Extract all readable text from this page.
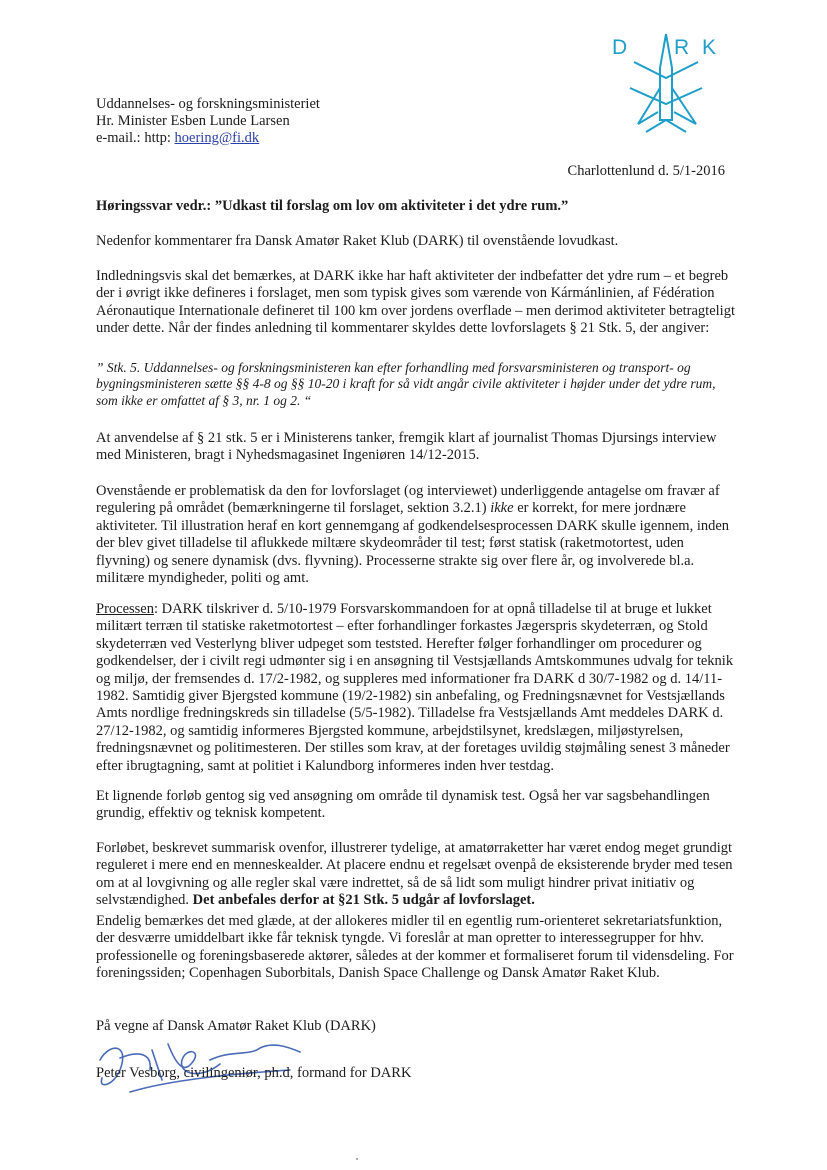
D R K
Uddannelses- og forskningsministeriet
Hr. Minister Esben Lunde Larsen
e-mail.: http: hoering@fi.dk
Charlottenlund d. 5/1-2016

Høringssvar vedr.: ”Udkast til forslag om lov om aktiviteter i det ydre rum.”

Nedenfor kommentarer fra Dansk Amatør Raket Klub (DARK) til ovenstående lovudkast.

Indledningsvis skal det bemærkes, at DARK ikke har haft aktiviteter der indbefatter det ydre rum – et begreb der i øvrigt ikke defineres i forslaget, men som typisk gives som værende von Kármánlinien, af Fédération Aéronautique Internationale defineret til 100 km over jordens overflade – men derimod aktiviteter betragteligt under dette. Når der findes anledning til kommentarer skyldes dette lovforslagets § 21 Stk. 5, der angiver:

” Stk. 5. Uddannelses- og forskningsministeren kan efter forhandling med forsvarsministeren og transport- og bygningsministeren sætte §§ 4-8 og §§ 10-20 i kraft for så vidt angår civile aktiviteter i højder under det ydre rum, som ikke er omfattet af § 3, nr. 1 og 2. “

At anvendelse af § 21 stk. 5 er i Ministerens tanker, fremgik klart af journalist Thomas Djursings interview med Ministeren, bragt i Nyhedsmagasinet Ingeniøren 14/12-2015.

Ovenstående er problematisk da den for lovforslaget (og interviewet) underliggende antagelse om fravær af regulering på området (bemærkningerne til forslaget, sektion 3.2.1) ikke er korrekt, for mere jordnære aktiviteter. Til illustration heraf en kort gennemgang af godkendelsesprocessen DARK skulle igennem, inden der blev givet tilladelse til aflukkede miltære skydeområder til test; først statisk (raketmotortest, uden flyvning) og senere dynamisk (dvs. flyvning). Processerne strakte sig over flere år, og involverede bl.a. militære myndigheder, politi og amt.

Processen: DARK tilskriver d. 5/10-1979 Forsvarskommandoen for at opnå tilladelse til at bruge et lukket militært terræn til statiske raketmotortest – efter forhandlinger forkastes Jægerspris skydeterræn, og Stold skydeterræn ved Vesterlyng bliver udpeget som teststed. Herefter følger forhandlinger om procedurer og godkendelser, der i civilt regi udmønter sig i en ansøgning til Vestsjællands Amtskommunes udvalg for teknik og miljø, der fremsendes d. 17/2-1982, og suppleres med informationer fra DARK d 30/7-1982 og d. 14/11-1982. Samtidig giver Bjergsted kommune (19/2-1982) sin anbefaling, og Fredningsnævnet for Vestsjællands Amts nordlige fredningskreds sin tilladelse (5/5-1982). Tilladelse fra Vestsjællands Amt meddeles DARK d. 27/12-1982, og samtidig informeres Bjergsted kommune, arbejdstilsynet, kredslægen, miljøstyrelsen, fredningsnævnet og politimesteren. Der stilles som krav, at der foretages uvildig støjmåling senest 3 måneder efter ibrugtagning, samt at politiet i Kalundborg informeres inden hver testdag.

Et lignende forløb gentog sig ved ansøgning om område til dynamisk test. Også her var sagsbehandlingen grundig, effektiv og teknisk kompetent.

Forløbet, beskrevet summarisk ovenfor, illustrerer tydelige, at amatørraketter har været endog meget grundigt reguleret i mere end en menneskealder. At placere endnu et regelsæt ovenpå de eksisterende bryder med tesen om at al lovgivning og alle regler skal være indrettet, så de så lidt som muligt hindrer privat initiativ og selvstændighed. Det anbefales derfor at §21 Stk. 5 udgår af lovforslaget.

Endelig bemærkes det med glæde, at der allokeres midler til en egentlig rum-orienteret sekretariatsfunktion, der desværre umiddelbart ikke får teknisk tyngde. Vi foreslår at man opretter to interessegrupper for hhv. professionelle og foreningsbaserede aktører, således at der kommer et formaliseret forum til vidensdeling. For foreningssiden; Copenhagen Suborbitals, Danish Space Challenge og Dansk Amatør Raket Klub.

På vegne af Dansk Amatør Raket Klub (DARK)
Peter Vesborg, civilingeniør, ph.d, formand for DARK
